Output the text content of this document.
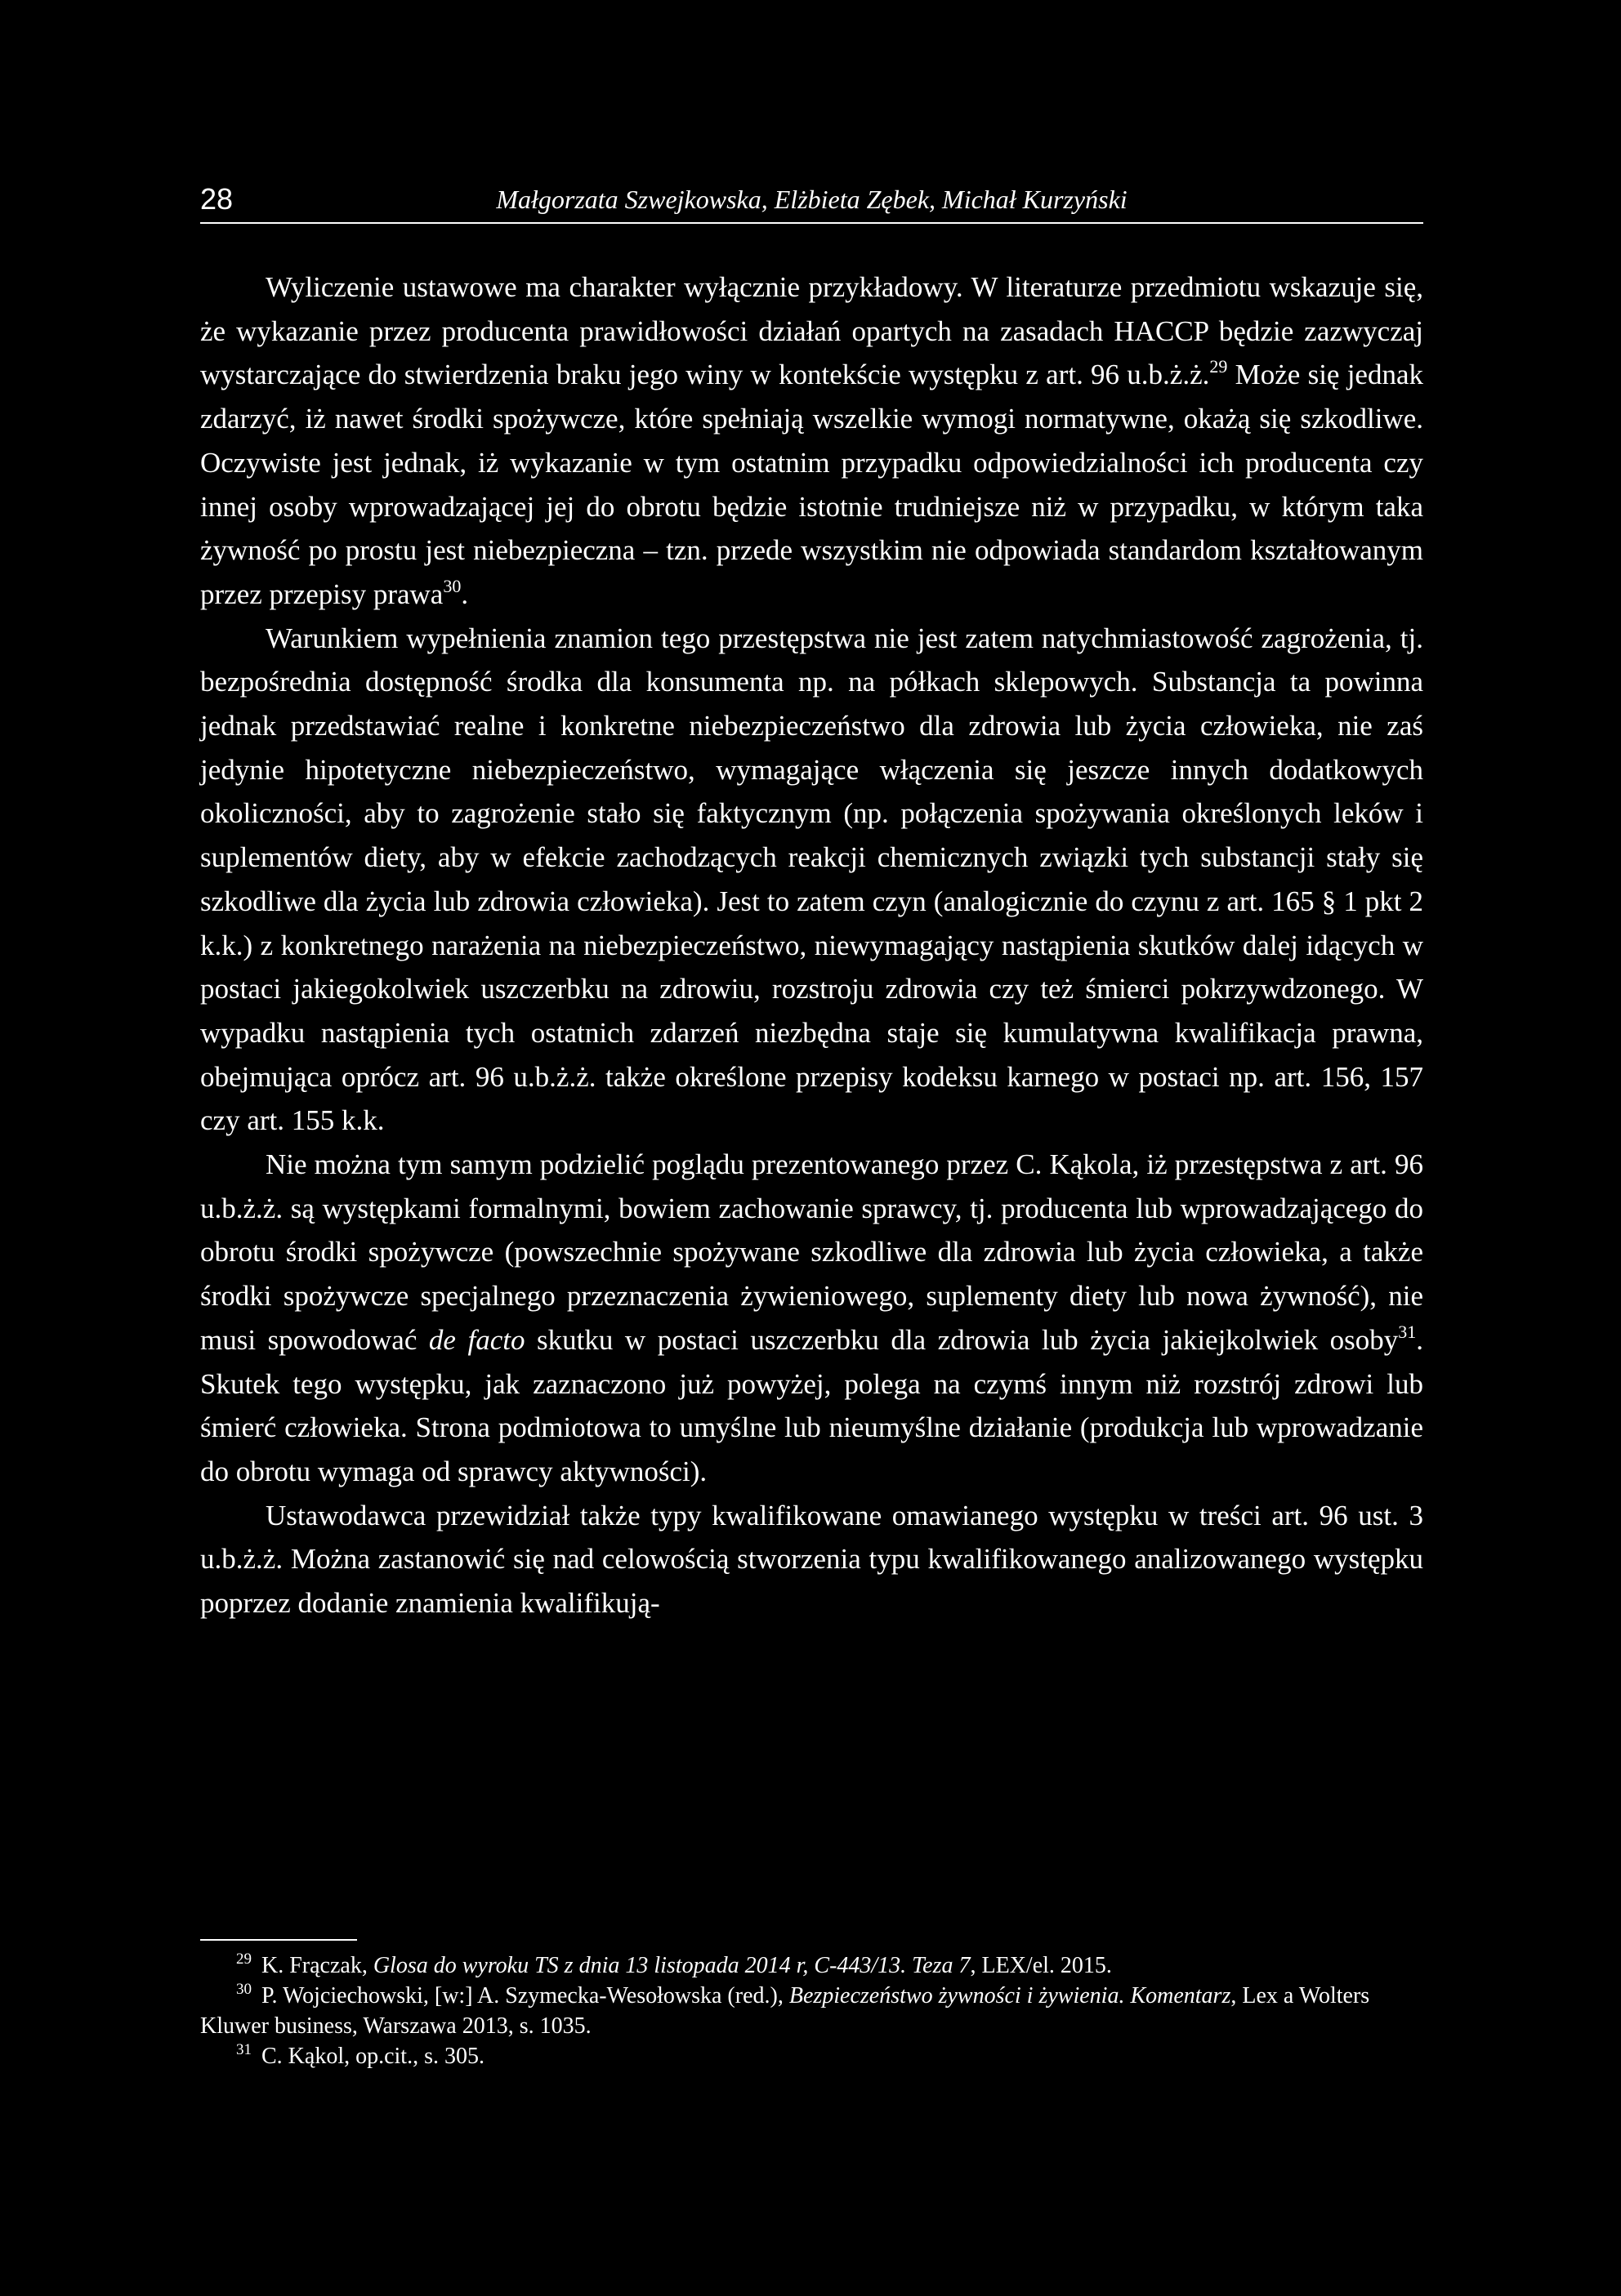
28	Małgorzata Szwejkowska, Elżbieta Zębek, Michał Kurzyński

Wyliczenie ustawowe ma charakter wyłącznie przykładowy. W literaturze przedmiotu wskazuje się, że wykazanie przez producenta prawidłowości działań opartych na zasadach HACCP będzie zazwyczaj wystarczające do stwierdzenia braku jego winy w kontekście występku z art. 96 u.b.ż.ż.$^{29}$ Może się jednak zdarzyć, iż nawet środki spożywcze, które spełniają wszelkie wymogi normatywne, okażą się szkodliwe. Oczywiste jest jednak, iż wykazanie w tym ostatnim przypadku odpowiedzialności ich producenta czy innej osoby wprowadzającej jej do obrotu będzie istotnie trudniejsze niż w przypadku, w którym taka żywność po prostu jest niebezpieczna – tzn. przede wszystkim nie odpowiada standardom kształtowanym przez przepisy prawa$^{30}$.

Warunkiem wypełnienia znamion tego przestępstwa nie jest zatem natychmiastowość zagrożenia, tj. bezpośrednia dostępność środka dla konsumenta np. na półkach sklepowych. Substancja ta powinna jednak przedstawiać realne i konkretne niebezpieczeństwo dla zdrowia lub życia człowieka, nie zaś jedynie hipotetyczne niebezpieczeństwo, wymagające włączenia się jeszcze innych dodatkowych okoliczności, aby to zagrożenie stało się faktycznym (np. połączenia spożywania określonych leków i suplementów diety, aby w efekcie zachodzących reakcji chemicznych związki tych substancji stały się szkodliwe dla życia lub zdrowia człowieka). Jest to zatem czyn (analogicznie do czynu z art. 165 § 1 pkt 2 k.k.) z konkretnego narażenia na niebezpieczeństwo, niewymagający nastąpienia skutków dalej idących w postaci jakiegokolwiek uszczerbku na zdrowiu, rozstroju zdrowia czy też śmierci pokrzywdzonego. W wypadku nastąpienia tych ostatnich zdarzeń niezbędna staje się kumulatywna kwalifikacja prawna, obejmująca oprócz art. 96 u.b.ż.ż. także określone przepisy kodeksu karnego w postaci np. art. 156, 157 czy art. 155 k.k.

Nie można tym samym podzielić poglądu prezentowanego przez C. Kąkola, iż przestępstwa z art. 96 u.b.ż.ż. są występkami formalnymi, bowiem zachowanie sprawcy, tj. producenta lub wprowadzającego do obrotu środki spożywcze (powszechnie spożywane szkodliwe dla zdrowia lub życia człowieka, a także środki spożywcze specjalnego przeznaczenia żywieniowego, suplementy diety lub nowa żywność), nie musi spowodować de facto skutku w postaci uszczerbku dla zdrowia lub życia jakiejkolwiek osoby$^{31}$. Skutek tego występku, jak zaznaczono już powyżej, polega na czymś innym niż rozstrój zdrowi lub śmierć człowieka. Strona podmiotowa to umyślne lub nieumyślne działanie (produkcja lub wprowadzanie do obrotu wymaga od sprawcy aktywności).

Ustawodawca przewidział także typy kwalifikowane omawianego występku w treści art. 96 ust. 3 u.b.ż.ż. Można zastanowić się nad celowością stworzenia typu kwalifikowanego analizowanego występku poprzez dodanie znamienia kwalifikują-

$^{29}$ K. Frączak, Glosa do wyroku TS z dnia 13 listopada 2014 r, C-443/13. Teza 7, LEX/el. 2015.

$^{30}$ P. Wojciechowski, [w:] A. Szymecka-Wesołowska (red.), Bezpieczeństwo żywności i żywienia. Komentarz, Lex a Wolters Kluwer business, Warszawa 2013, s. 1035.

$^{31}$ C. Kąkol, op.cit., s. 305.
